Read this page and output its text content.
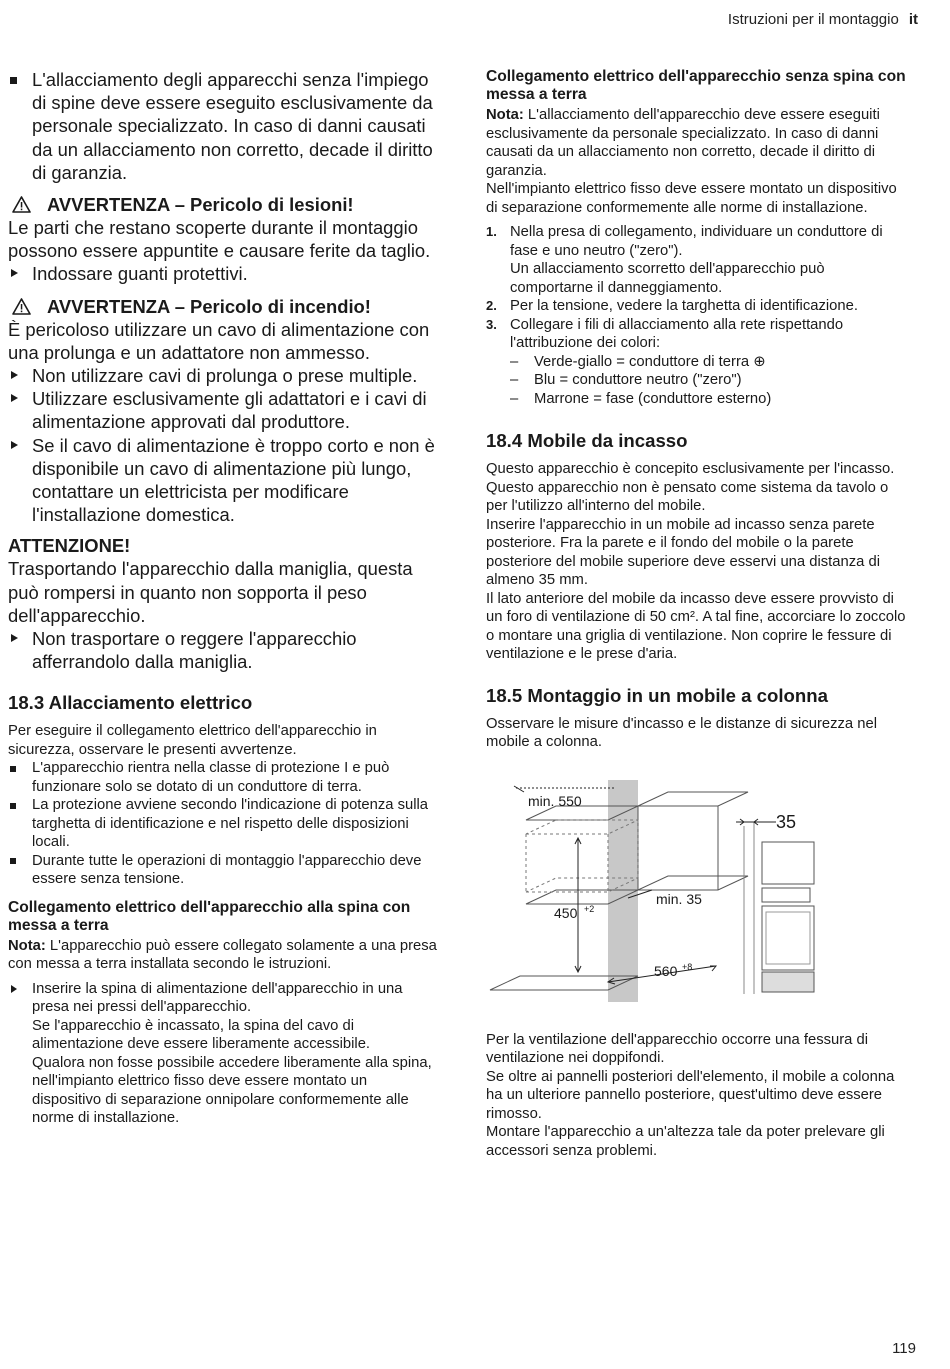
Istruzioni per il montaggio it
L'allacciamento degli apparecchi senza l'impiego di spine deve essere eseguito esclusivamente da personale specializzato. In caso di danni causati da un allacciamento non corretto, decade il diritto di garanzia.
AVVERTENZA – Pericolo di lesioni!
Le parti che restano scoperte durante il montaggio possono essere appuntite e causare ferite da taglio.
Indossare guanti protettivi.
AVVERTENZA – Pericolo di incendio!
È pericoloso utilizzare un cavo di alimentazione con una prolunga e un adattatore non ammesso.
Non utilizzare cavi di prolunga o prese multiple.
Utilizzare esclusivamente gli adattatori e i cavi di alimentazione approvati dal produttore.
Se il cavo di alimentazione è troppo corto e non è disponibile un cavo di alimentazione più lungo, contattare un elettricista per modificare l'installazione domestica.
ATTENZIONE!
Trasportando l'apparecchio dalla maniglia, questa può rompersi in quanto non sopporta il peso dell'apparecchio.
Non trasportare o reggere l'apparecchio afferrandolo dalla maniglia.
18.3 Allacciamento elettrico
Per eseguire il collegamento elettrico dell'apparecchio in sicurezza, osservare le presenti avvertenze.
L'apparecchio rientra nella classe di protezione I e può funzionare solo se dotato di un conduttore di terra.
La protezione avviene secondo l'indicazione di potenza sulla targhetta di identificazione e nel rispetto delle disposizioni locali.
Durante tutte le operazioni di montaggio l'apparecchio deve essere senza tensione.
Collegamento elettrico dell'apparecchio alla spina con messa a terra
Nota: L'apparecchio può essere collegato solamente a una presa con messa a terra installata secondo le istruzioni.
Inserire la spina di alimentazione dell'apparecchio in una presa nei pressi dell'apparecchio.
Se l'apparecchio è incassato, la spina del cavo di alimentazione deve essere liberamente accessibile.
Qualora non fosse possibile accedere liberamente alla spina, nell'impianto elettrico fisso deve essere montato un dispositivo di separazione onnipolare conformemente alle norme di installazione.
Collegamento elettrico dell'apparecchio senza spina con messa a terra
Nota: L'allacciamento dell'apparecchio deve essere eseguiti esclusivamente da personale specializzato. In caso di danni causati da un allacciamento non corretto, decade il diritto di garanzia.
Nell'impianto elettrico fisso deve essere montato un dispositivo di separazione conformemente alle norme di installazione.
1. Nella presa di collegamento, individuare un conduttore di fase e uno neutro ("zero").
Un allacciamento scorretto dell'apparecchio può comportarne il danneggiamento.
2. Per la tensione, vedere la targhetta di identificazione.
3. Collegare i fili di allacciamento alla rete rispettando l'attribuzione dei colori:
– Verde-giallo = conduttore di terra ⊕
– Blu = conduttore neutro ("zero")
– Marrone = fase (conduttore esterno)
18.4 Mobile da incasso
Questo apparecchio è concepito esclusivamente per l'incasso. Questo apparecchio non è pensato come sistema da tavolo o per l'utilizzo all'interno del mobile.
Inserire l'apparecchio in un mobile ad incasso senza parete posteriore. Fra la parete e il fondo del mobile o la parete posteriore del mobile superiore deve esservi una distanza di almeno 35 mm.
Il lato anteriore del mobile da incasso deve essere provvisto di un foro di ventilazione di 50 cm². A tal fine, accorciare lo zoccolo o montare una griglia di ventilazione. Non coprire le fessure di ventilazione e le prese d'aria.
18.5 Montaggio in un mobile a colonna
Osservare le misure d'incasso e le distanze di sicurezza nel mobile a colonna.
450 +2
min. 550
min. 35
560 +8
35
Per la ventilazione dell'apparecchio occorre una fessura di ventilazione nei doppifondi.
Se oltre ai pannelli posteriori dell'elemento, il mobile a colonna ha un ulteriore pannello posteriore, quest'ultimo deve essere rimosso.
Montare l'apparecchio a un'altezza tale da poter prelevare gli accessori senza problemi.
119
